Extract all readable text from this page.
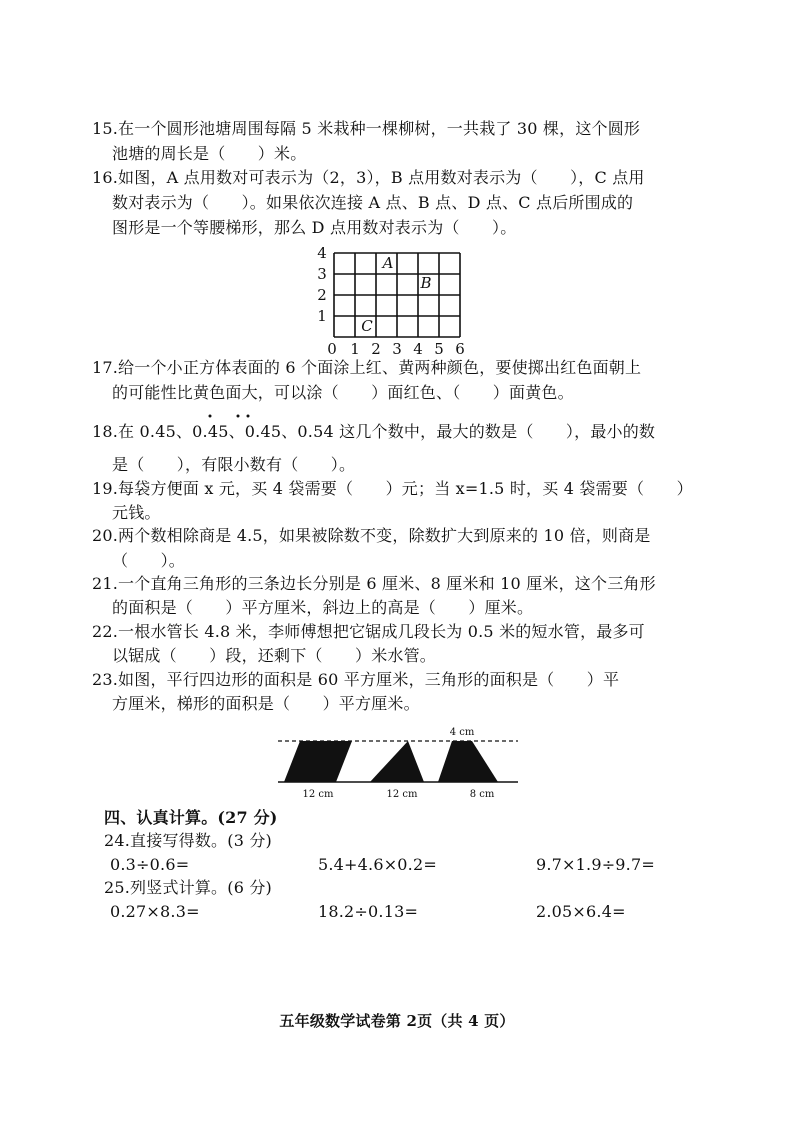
15.在一个圆形池塘周围每隔 5 米栽种一棵柳树，一共栽了 30 棵，这个圆形
池塘的周长是（　　）米。
16.如图，A 点用数对可表示为（2，3），B 点用数对表示为（　　），C 点用
数对表示为（　　）。如果依次连接 A 点、B 点、D 点、C 点后所围成的
图形是一个等腰梯形，那么 D 点用数对表示为（　　）。
4
3
2
1
0 1 2 3 4 5 6
A
B
C
17.给一个小正方体表面的 6 个面涂上红、黄两种颜色，要使掷出红色面朝上
的可能性比黄色面大，可以涂（　　）面红色、（　　）面黄色。
18.在 0.45、0.45、0.45、0.54 这几个数中，最大的数是（　　），最小的数
是（　　），有限小数有（　　）。
19.每袋方便面 x 元，买 4 袋需要（　　）元；当 x=1.5 时，买 4 袋需要（　　）
元钱。
20.两个数相除商是 4.5，如果被除数不变，除数扩大到原来的 10 倍，则商是
（　　）。
21.一个直角三角形的三条边长分别是 6 厘米、8 厘米和 10 厘米，这个三角形
的面积是（　　）平方厘米，斜边上的高是（　　）厘米。
22.一根水管长 4.8 米，李师傅想把它锯成几段长为 0.5 米的短水管，最多可
以锯成（　　）段，还剩下（　　）米水管。
23.如图，平行四边形的面积是 60 平方厘米，三角形的面积是（　　）平
方厘米，梯形的面积是（　　）平方厘米。
4 cm
12 cm	12 cm	8 cm
四、认真计算。(27 分)
24.直接写得数。(3 分)
0.3÷0.6=	5.4+4.6×0.2=	9.7×1.9÷9.7=
25.列竖式计算。(6 分)
0.27×8.3=	18.2÷0.13=	2.05×6.4=
五年级数学试卷第 2页（共 4 页）
